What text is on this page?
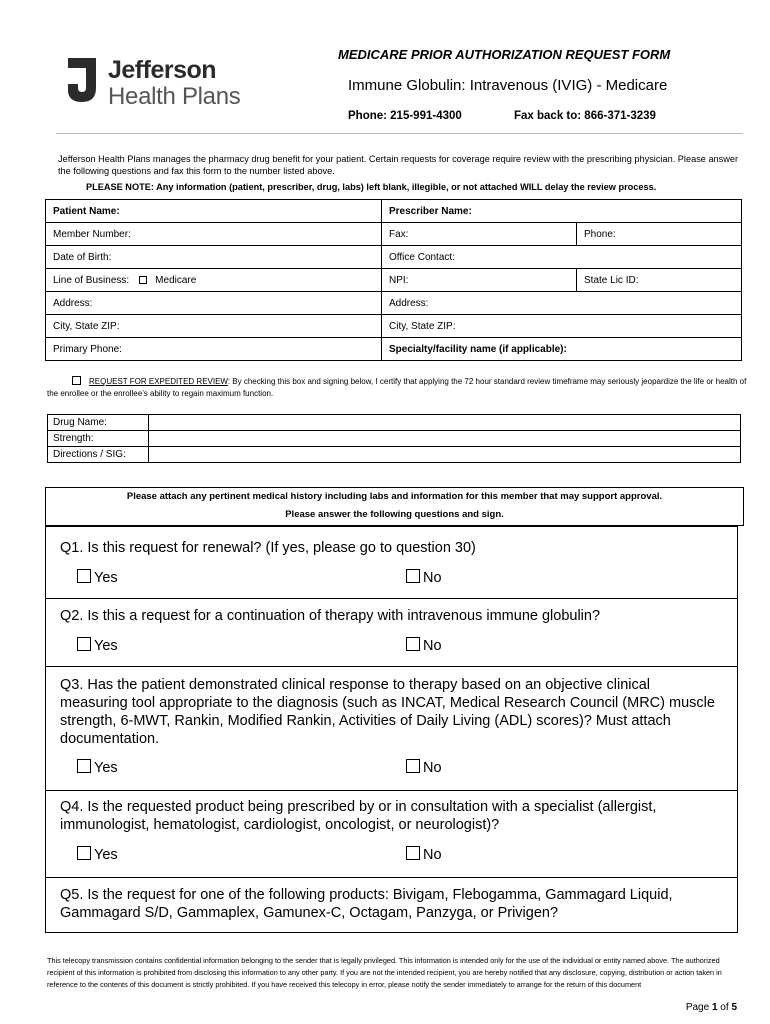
Jefferson
Health Plans
MEDICARE PRIOR AUTHORIZATION REQUEST FORM
Immune Globulin: Intravenous (IVIG) - Medicare
Phone: 215-991-4300	Fax back to: 866-371-3239
Jefferson Health Plans manages the pharmacy drug benefit for your patient. Certain requests for coverage require review with the prescribing physician. Please answer the following questions and fax this form to the number listed above.
PLEASE NOTE: Any information (patient, prescriber, drug, labs) left blank, illegible, or not attached WILL delay the review process.
Patient Name:	Prescriber Name:	
Member Number:	Fax:	Phone:
Date of Birth:	Office Contact:	
Line of Business: Medicare	NPI:	State Lic ID:
Address:	Address:	
City, State ZIP:	City, State ZIP:	
Primary Phone:	Specialty/facility name (if applicable):	
REQUEST FOR EXPEDITED REVIEW: By checking this box and signing below, I certify that applying the 72 hour standard review timeframe may seriously jeopardize the life or health of the enrollee or the enrollee’s ability to regain maximum function.
Drug Name:	
Strength:	
Directions / SIG:	
Please attach any pertinent medical history including labs and information for this member that may support approval.
Please answer the following questions and sign.
Q1. Is this request for renewal? (If yes, please go to question 30)
Yes	No
Q2. Is this a request for a continuation of therapy with intravenous immune globulin?
Yes	No
Q3. Has the patient demonstrated clinical response to therapy based on an objective clinical measuring tool appropriate to the diagnosis (such as INCAT, Medical Research Council (MRC) muscle strength, 6-MWT, Rankin, Modified Rankin, Activities of Daily Living (ADL) scores)? Must attach documentation.
Yes	No
Q4. Is the requested product being prescribed by or in consultation with a specialist (allergist, immunologist, hematologist, cardiologist, oncologist, or neurologist)?
Yes	No
Q5. Is the request for one of the following products: Bivigam, Flebogamma, Gammagard Liquid, Gammagard S/D, Gammaplex, Gamunex-C, Octagam, Panzyga, or Privigen?
This telecopy transmission contains confidential information belonging to the sender that is legally privileged. This information is intended only for the use of the individual or entity named above. The authorized recipient of this information is prohibited from disclosing this information to any other party. If you are not the intended recipient, you are hereby notified that any disclosure, copying, distribution or action taken in reference to the contents of this document is strictly prohibited. If you have received this telecopy in error, please notify the sender immediately to arrange for the return of this document
Page 1 of 5
